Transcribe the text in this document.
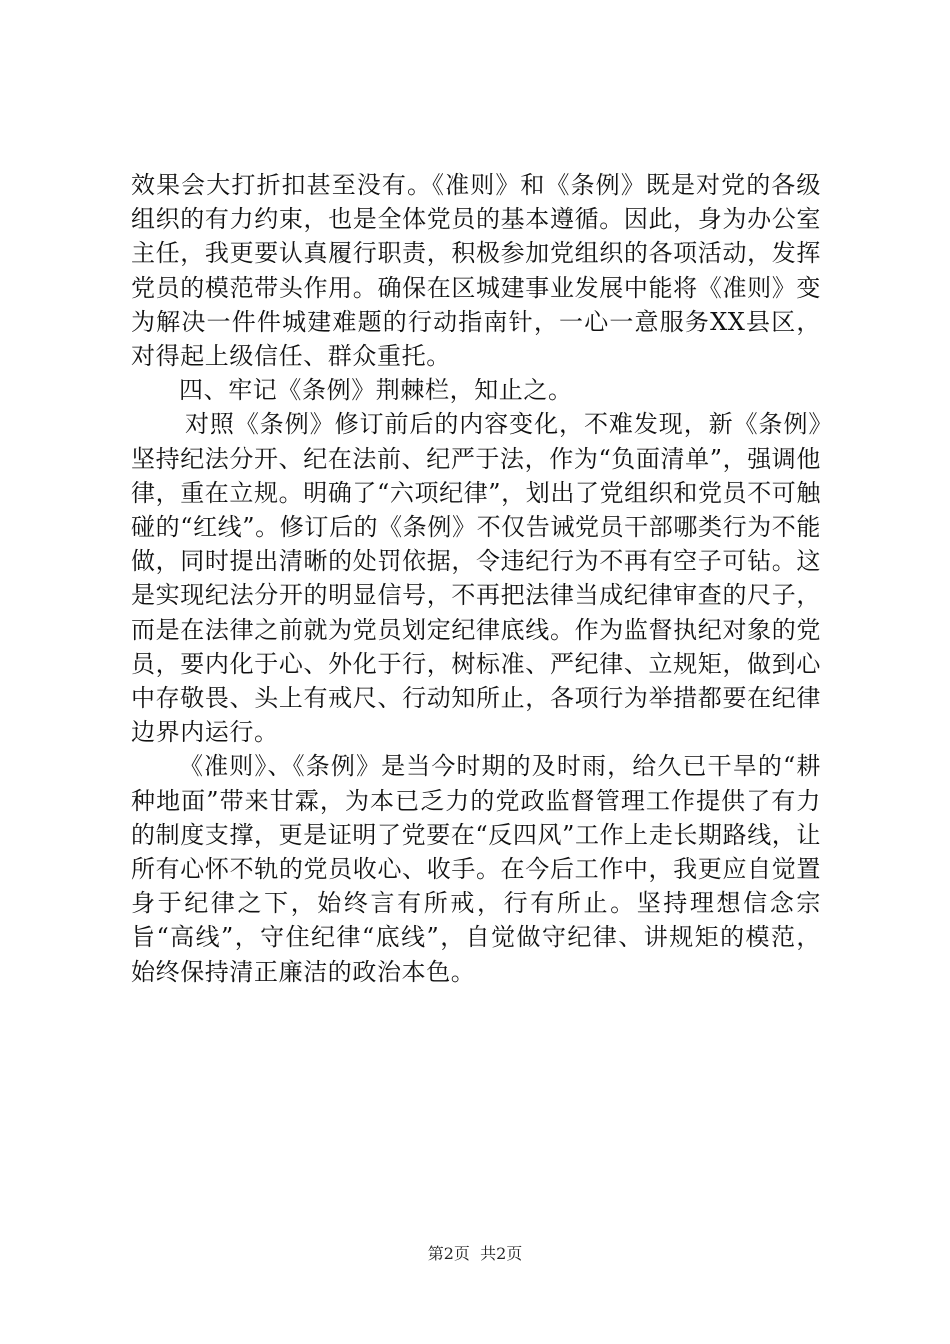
效果会大打折扣甚至没有。《准则》和《条例》既是对党的各级组织的有力约束，也是全体党员的基本遵循。因此，身为办公室主任，我更要认真履行职责，积极参加党组织的各项活动，发挥党员的模范带头作用。确保在区城建事业发展中能将《准则》变为解决一件件城建难题的行动指南针，一心一意服务XX县区，对得起上级信任、群众重托。

四、牢记《条例》荆棘栏，知止之。

对照《条例》修订前后的内容变化，不难发现，新《条例》坚持纪法分开、纪在法前、纪严于法，作为“负面清单”，强调他律，重在立规。明确了“六项纪律”，划出了党组织和党员不可触碰的“红线”。修订后的《条例》不仅告诫党员干部哪类行为不能做，同时提出清晰的处罚依据，令违纪行为不再有空子可钻。这是实现纪法分开的明显信号，不再把法律当成纪律审查的尺子，而是在法律之前就为党员划定纪律底线。作为监督执纪对象的党员，要内化于心、外化于行，树标准、严纪律、立规矩，做到心中存敬畏、头上有戒尺、行动知所止，各项行为举措都要在纪律边界内运行。

《准则》、《条例》是当今时期的及时雨，给久已干旱的“耕种地面”带来甘霖，为本已乏力的党政监督管理工作提供了有力的制度支撑，更是证明了党要在“反四风”工作上走长期路线，让所有心怀不轨的党员收心、收手。在今后工作中，我更应自觉置身于纪律之下，始终言有所戒，行有所止。坚持理想信念宗旨“高线”，守住纪律“底线”，自觉做守纪律、讲规矩的模范，始终保持清正廉洁的政治本色。

第2页  共2页
